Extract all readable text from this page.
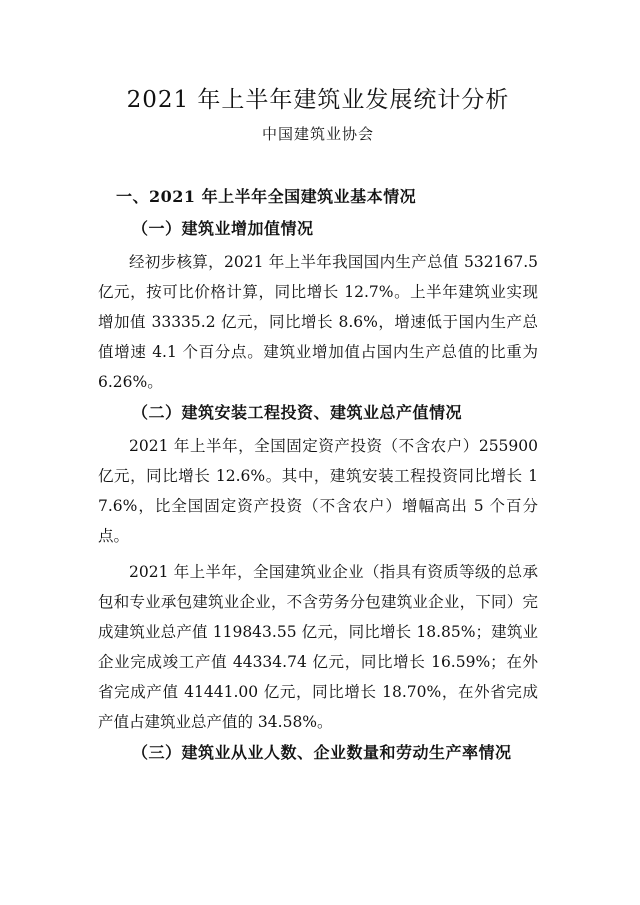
2021 年上半年建筑业发展统计分析
中国建筑业协会
一、2021 年上半年全国建筑业基本情况
（一）建筑业增加值情况

经初步核算，2021 年上半年我国国内生产总值 532167.5 亿元，按可比价格计算，同比增长 12.7%。上半年建筑业实现增加值 33335.2 亿元，同比增长 8.6%，增速低于国内生产总值增速 4.1 个百分点。建筑业增加值占国内生产总值的比重为 6.26%。

（二）建筑安装工程投资、建筑业总产值情况

2021 年上半年，全国固定资产投资（不含农户）255900 亿元，同比增长 12.6%。其中，建筑安装工程投资同比增长 17.6%，比全国固定资产投资（不含农户）增幅高出 5 个百分点。

2021 年上半年，全国建筑业企业（指具有资质等级的总承包和专业承包建筑业企业，不含劳务分包建筑业企业，下同）完成建筑业总产值 119843.55 亿元，同比增长 18.85%；建筑业企业完成竣工产值 44334.74 亿元，同比增长 16.59%；在外省完成产值 41441.00 亿元，同比增长 18.70%，在外省完成产值占建筑业总产值的 34.58%。

（三）建筑业从业人数、企业数量和劳动生产率情况
